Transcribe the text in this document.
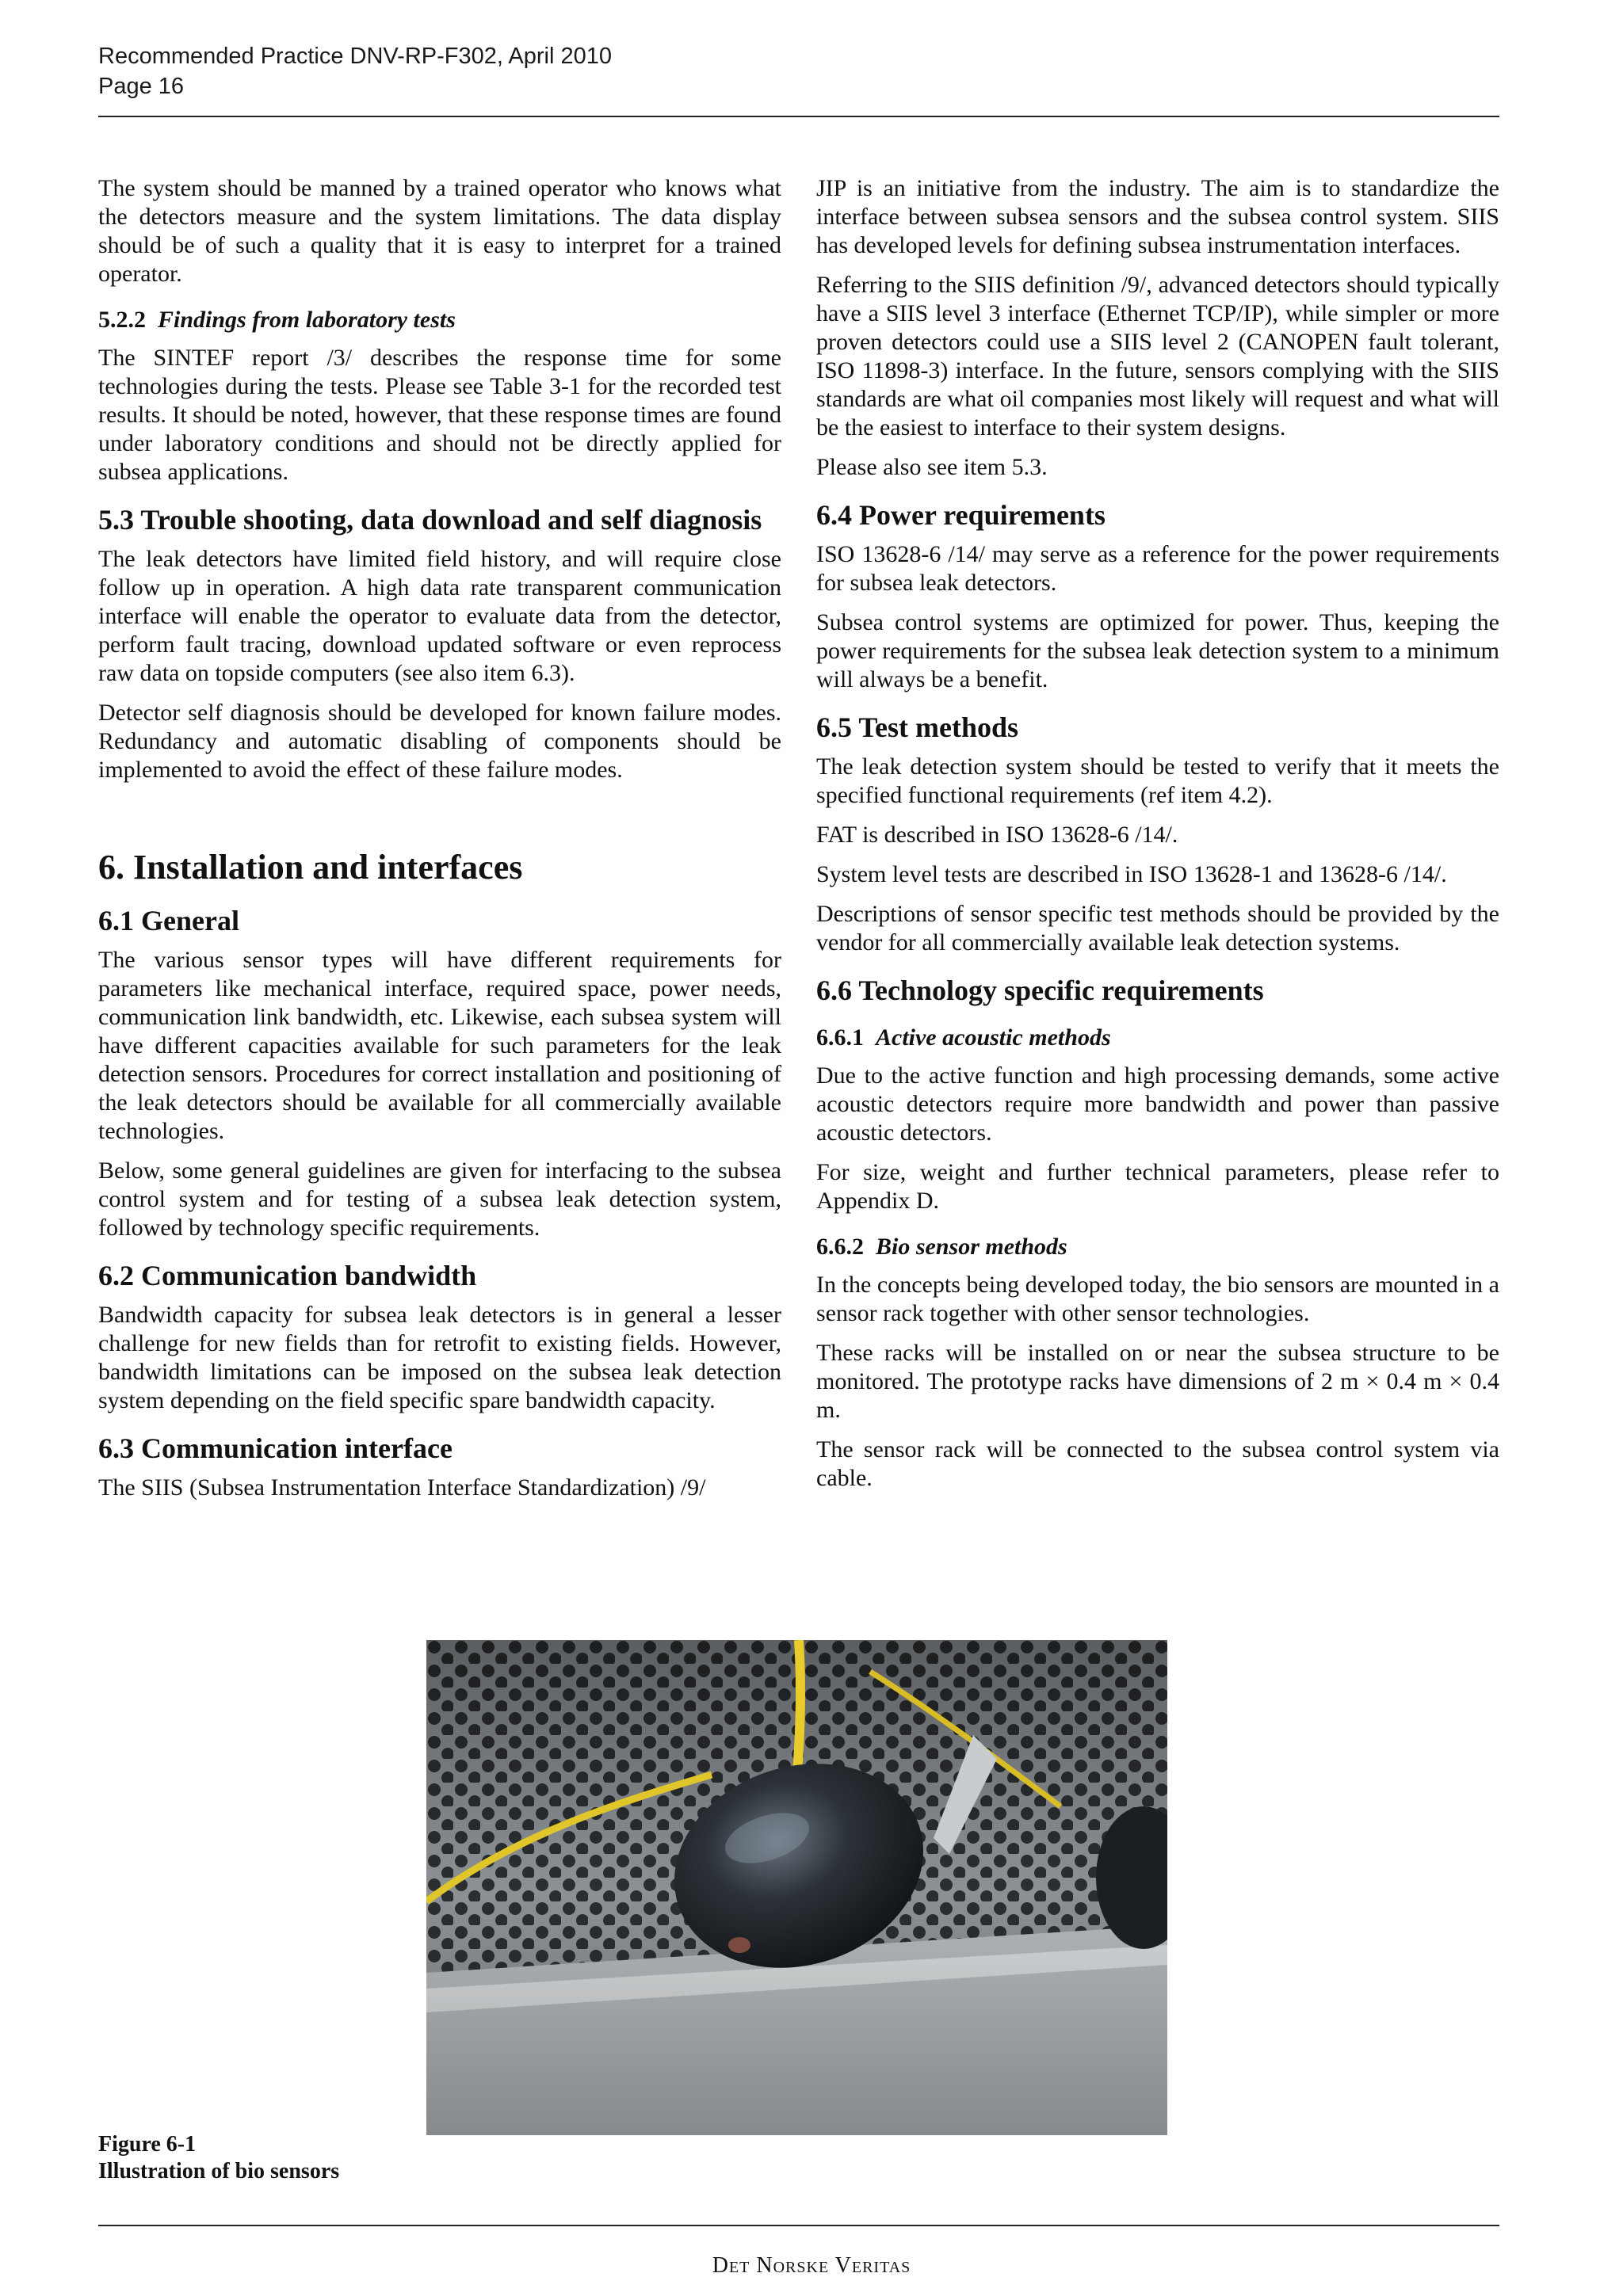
Recommended Practice DNV-RP-F302, April 2010
Page 16

The system should be manned by a trained operator who knows what the detectors measure and the system limitations. The data display should be of such a quality that it is easy to interpret for a trained operator.

5.2.2 Findings from laboratory tests

The SINTEF report /3/ describes the response time for some technologies during the tests. Please see Table 3-1 for the recorded test results. It should be noted, however, that these response times are found under laboratory conditions and should not be directly applied for subsea applications.

5.3 Trouble shooting, data download and self diagnosis

The leak detectors have limited field history, and will require close follow up in operation. A high data rate transparent communication interface will enable the operator to evaluate data from the detector, perform fault tracing, download updated software or even reprocess raw data on topside computers (see also item 6.3).

Detector self diagnosis should be developed for known failure modes. Redundancy and automatic disabling of components should be implemented to avoid the effect of these failure modes.

6. Installation and interfaces
6.1 General

The various sensor types will have different requirements for parameters like mechanical interface, required space, power needs, communication link bandwidth, etc. Likewise, each subsea system will have different capacities available for such parameters for the leak detection sensors. Procedures for correct installation and positioning of the leak detectors should be available for all commercially available technologies.

Below, some general guidelines are given for interfacing to the subsea control system and for testing of a subsea leak detection system, followed by technology specific requirements.

6.2 Communication bandwidth

Bandwidth capacity for subsea leak detectors is in general a lesser challenge for new fields than for retrofit to existing fields. However, bandwidth limitations can be imposed on the subsea leak detection system depending on the field specific spare bandwidth capacity.

6.3 Communication interface

The SIIS (Subsea Instrumentation Interface Standardization) /9/

JIP is an initiative from the industry. The aim is to standardize the interface between subsea sensors and the subsea control system. SIIS has developed levels for defining subsea instrumentation interfaces.

Referring to the SIIS definition /9/, advanced detectors should typically have a SIIS level 3 interface (Ethernet TCP/IP), while simpler or more proven detectors could use a SIIS level 2 (CANOPEN fault tolerant, ISO 11898-3) interface. In the future, sensors complying with the SIIS standards are what oil companies most likely will request and what will be the easiest to interface to their system designs.

Please also see item 5.3.

6.4 Power requirements

ISO 13628-6 /14/ may serve as a reference for the power requirements for subsea leak detectors.

Subsea control systems are optimized for power. Thus, keeping the power requirements for the subsea leak detection system to a minimum will always be a benefit.

6.5 Test methods

The leak detection system should be tested to verify that it meets the specified functional requirements (ref item 4.2).

FAT is described in ISO 13628-6 /14/.

System level tests are described in ISO 13628-1 and 13628-6 /14/.

Descriptions of sensor specific test methods should be provided by the vendor for all commercially available leak detection systems.

6.6 Technology specific requirements
6.6.1 Active acoustic methods

Due to the active function and high processing demands, some active acoustic detectors require more bandwidth and power than passive acoustic detectors.

For size, weight and further technical parameters, please refer to Appendix D.

6.6.2 Bio sensor methods

In the concepts being developed today, the bio sensors are mounted in a sensor rack together with other sensor technologies.

These racks will be installed on or near the subsea structure to be monitored. The prototype racks have dimensions of 2 m × 0.4 m × 0.4 m.

The sensor rack will be connected to the subsea control system via cable.

Figure 6-1
Illustration of bio sensors
Det Norske Veritas
